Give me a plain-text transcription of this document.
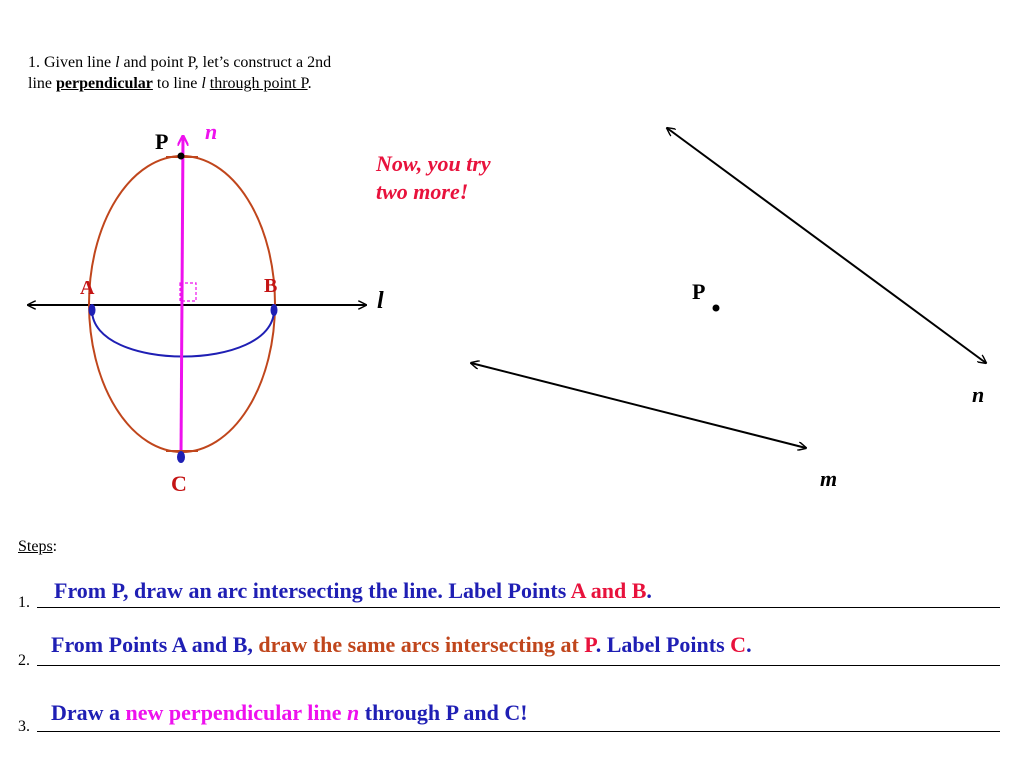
1. Given line l and point P, let’s construct a 2nd
line perpendicular to line l through point P.
P n
A	B
C
l	P
n
m
Now, you try
two more!
Steps:
1. From P, draw an arc intersecting the line. Label Points A and B.
2.
From Points A and B, draw the same arcs intersecting at P. Label Points C.
3.
Draw a new perpendicular line n through P and C!
